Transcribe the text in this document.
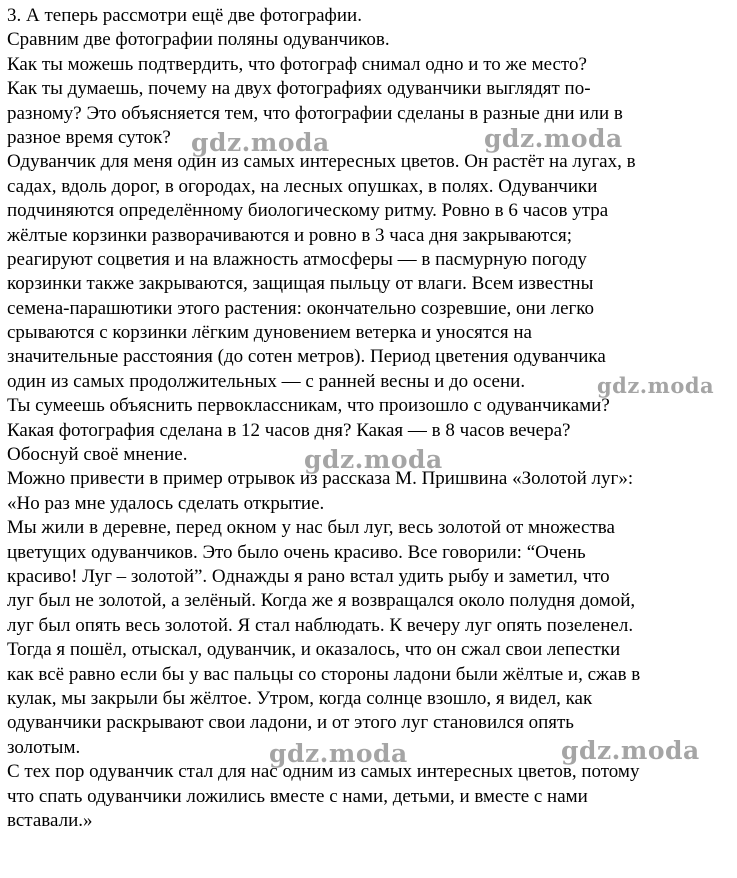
3. А теперь рассмотри ещё две фотографии.
Сравним две фотографии поляны одуванчиков.
Как ты можешь подтвердить, что фотограф снимал одно и то же место?
Как ты думаешь, почему на двух фотографиях одуванчики выглядят по-
разному? Это объясняется тем, что фотографии сделаны в разные дни или в
разное время суток?
Одуванчик для меня один из самых интересных цветов. Он растёт на лугах, в
садах, вдоль дорог, в огородах, на лесных опушках, в полях. Одуванчики
подчиняются определённому биологическому ритму. Ровно в 6 часов утра
жёлтые корзинки разворачиваются и ровно в 3 часа дня закрываются;
реагируют соцветия и на влажность атмосферы — в пасмурную погоду
корзинки также закрываются, защищая пыльцу от влаги. Всем известны
семена-парашютики этого растения: окончательно созревшие, они легко
срываются с корзинки лёгким дуновением ветерка и уносятся на
значительные расстояния (до сотен метров). Период цветения одуванчика
один из самых продолжительных — с ранней весны и до осени.
Ты сумеешь объяснить первоклассникам, что произошло с одуванчиками?
Какая фотография сделана в 12 часов дня? Какая — в 8 часов вечера?
Обоснуй своё мнение.
Можно привести в пример отрывок из рассказа М. Пришвина «Золотой луг»:
«Но раз мне удалось сделать открытие.
Мы жили в деревне, перед окном у нас был луг, весь золотой от множества
цветущих одуванчиков. Это было очень красиво. Все говорили: “Очень
красиво! Луг – золотой”. Однажды я рано встал удить рыбу и заметил, что
луг был не золотой, а зелёный. Когда же я возвращался около полудня домой,
луг был опять весь золотой. Я стал наблюдать. К вечеру луг опять позеленел.
Тогда я пошёл, отыскал, одуванчик, и оказалось, что он сжал свои лепестки
как всё равно если бы у вас пальцы со стороны ладони были жёлтые и, сжав в
кулак, мы закрыли бы жёлтое. Утром, когда солнце взошло, я видел, как
одуванчики раскрывают свои ладони, и от этого луг становился опять
золотым.
С тех пор одуванчик стал для нас одним из самых интересных цветов, потому
что спать одуванчики ложились вместе с нами, детьми, и вместе с нами
вставали.»
gdz.moda	gdz.moda
gdz.moda
gdz.moda
gdz.moda	gdz.moda
